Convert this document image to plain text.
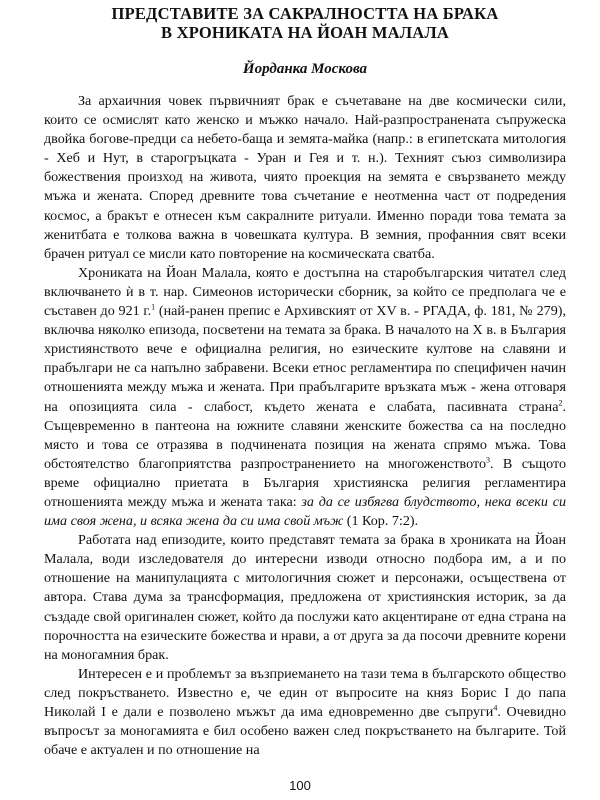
ПРЕДСТАВИТЕ ЗА САКРАЛНОСТТА НА БРАКА
В ХРОНИКАТА НА ЙОАН МАЛАЛА
Йорданка Москова

За архаичния човек първичният брак е съчетаване на две космически сили, които се осмислят като женско и мъжко начало. Най-разпространената съпружеска двойка богове-предци са небето-баща и земята-майка (напр.: в египетската митология - Хеб и Нут, в старогръцката - Уран и Гея и т. н.). Техният съюз символизира божествения произход на живота, чиято проекция на земята е свързването между мъжа и жената. Според древните това съчетание е неотменна част от подредения космос, а бракът е отнесен към сакралните ритуали. Именно поради това темата за женитбата е толкова важна в човешката култура. В земния, профанния свят всеки брачен ритуал се мисли като повторение на космическата сватба.

Хрониката на Йоан Малала, която е достъпна на старобългарския читател след включването ѝ в т. нар. Симеонов исторически сборник, за който се предполага че е съставен до 921 г.$^1$ (най-ранен препис е Архивският от XV в. - РГАДА, ф. 181, № 279), включва няколко епизода, посветени на темата за брака. В началото на X в. в България християнството вече е официална религия, но езическите култове на славяни и прабългари не са напълно забравени. Всеки етнос регламентира по специфичен начин отношенията между мъжа и жената. При прабългарите връзката мъж - жена отговаря на опозицията сила - слабост, където жената е слабата, пасивната страна$^2$. Същевременно в пантеона на южните славяни женските божества са на последно място и това се отразява в подчинената позиция на жената спрямо мъжа. Това обстоятелство благоприятства разпространението на многоженството$^3$. В същото време официално приетата в България християнска религия регламентира отношенията между мъжа и жената така: за да се избягва блудството, нека всеки си има своя жена, и всяка жена да си има свой мъж (1 Кор. 7:2).

Работата над епизодите, които представят темата за брака в хрониката на Йоан Малала, води изследователя до интересни изводи относно подбора им, а и по отношение на манипулацията с митологичния сюжет и персонажи, осъществена от автора. Става дума за трансформация, предложена от християнския историк, за да създаде свой оригинален сюжет, който да послужи като акцентиране от една страна на порочността на езическите божества и нрави, а от друга за да посочи древните корени на моногамния брак.

Интересен е и проблемът за възприемането на тази тема в българското общество след покръстването. Известно е, че един от въпросите на княз Борис I до папа Николай I е дали е позволено мъжът да има едновременно две съпруги$^4$. Очевидно въпросът за моногамията е бил особено важен след покръстването на българите. Той обаче е актуален и по отношение на

100
